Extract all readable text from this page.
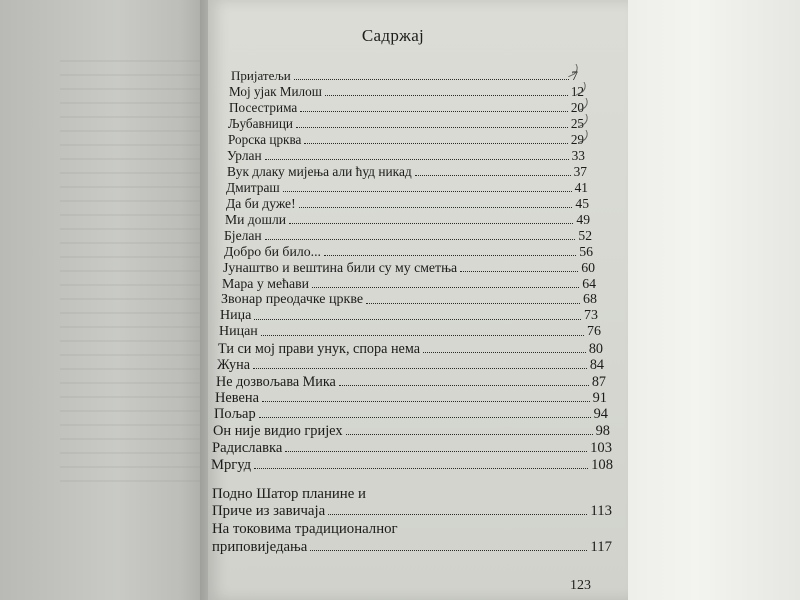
Садржај
Пријатељи	7
Мој ујак Милош	12
Посестрима	20
Љубавници	25
Рорска црква	29
Урлан	33
Вук длаку мијења али ћуд никад	37
Дмитраш	41
Да би дуже!	45
Ми дошли	49
Бјелан	52
Добро би било...	56
Јунаштво и вештина били су му сметња	60
Мара у мећави	64
Звонар преодачке цркве	68
Ниџа	73
Ницан	76
Ти си мој прави унук, спора нема	80
Жуна	84
Не дозвољава Мика	87
Невена	91
Пољар	94
Он није видио гријех	98
Радиславка	103
Мргуд	108
Подно Шатор планине и
Приче из завичаја	113
На токовима традиционалног
приповиједања	117
123
